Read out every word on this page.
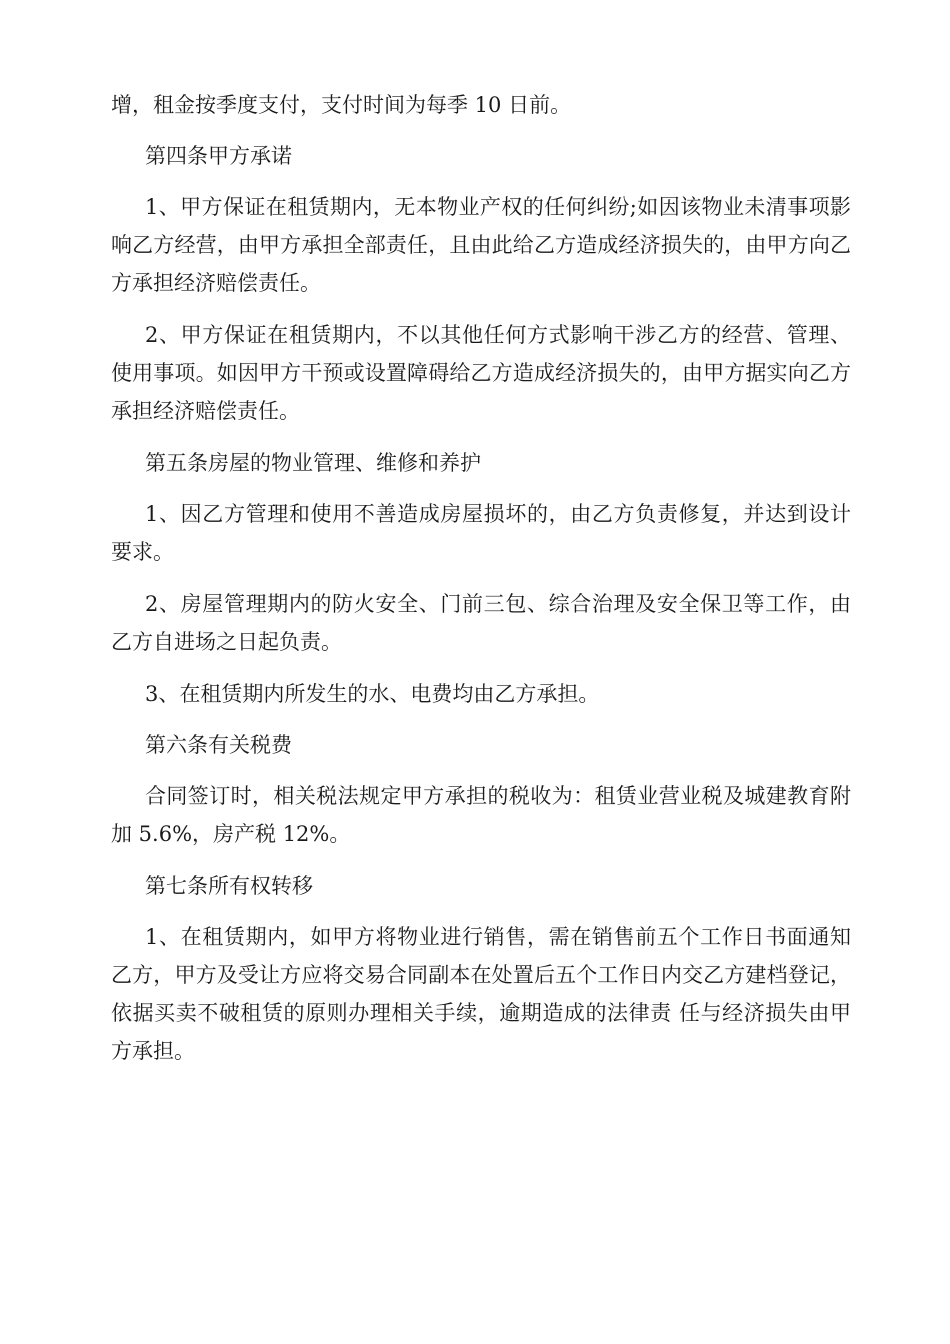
增，租金按季度支付，支付时间为每季 10 日前。

第四条甲方承诺

1、甲方保证在租赁期内，无本物业产权的任何纠纷;如因该物业未清事项影响乙方经营，由甲方承担全部责任，且由此给乙方造成经济损失的，由甲方向乙方承担经济赔偿责任。

2、甲方保证在租赁期内，不以其他任何方式影响干涉乙方的经营、管理、使用事项。如因甲方干预或设置障碍给乙方造成经济损失的，由甲方据实向乙方承担经济赔偿责任。

第五条房屋的物业管理、维修和养护

1、因乙方管理和使用不善造成房屋损坏的，由乙方负责修复，并达到设计要求。

2、房屋管理期内的防火安全、门前三包、综合治理及安全保卫等工作，由乙方自进场之日起负责。

3、在租赁期内所发生的水、电费均由乙方承担。

第六条有关税费

合同签订时，相关税法规定甲方承担的税收为：租赁业营业税及城建教育附加 5.6%，房产税 12%。

第七条所有权转移

1、在租赁期内，如甲方将物业进行销售，需在销售前五个工作日书面通知乙方，甲方及受让方应将交易合同副本在处置后五个工作日内交乙方建档登记，依据买卖不破租赁的原则办理相关手续，逾期造成的法律责 任与经济损失由甲方承担。
